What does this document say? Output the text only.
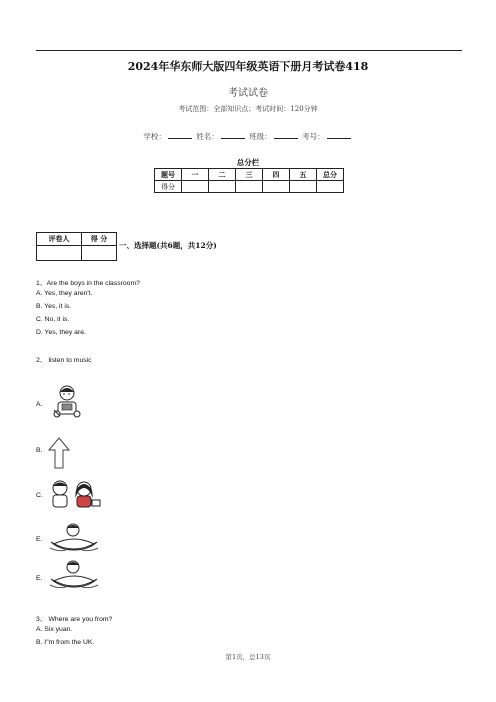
2024年华东师大版四年级英语下册月考试卷418
考试试卷
考试范围：全部知识点；考试时间：120分钟
学校：	姓名：	班级：	考号：
总分栏
题号	一	二	三	四	五	总分
得分						
评卷人	得 分

一、选择题(共6题，共12分)
1、Are the boys in the classroom?
A. Yes, they aren't.
B. Yes, it is.
C. No, it is.
D. Yes, they are.
2、 listen to music
A.
B.
C.
E.
E.
3、 Where are you from?
A. Six yuan.
B. I"m from the UK.
第1页，总13页
